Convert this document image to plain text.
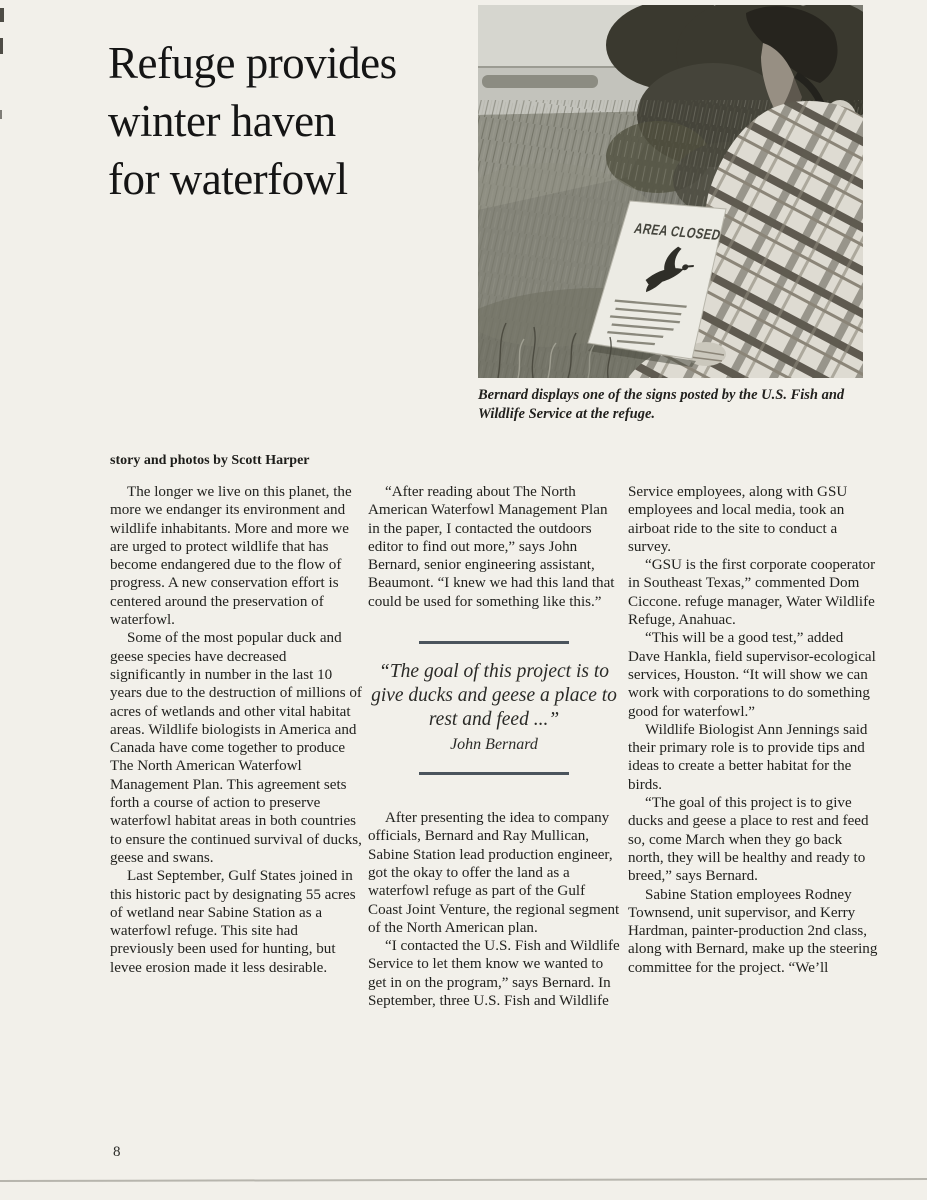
Refuge provides
winter haven
for waterfowl
AREA CLOSED
Bernard displays one of the signs posted by the U.S. Fish and Wildlife Service at the refuge.
story and photos by Scott Harper

The longer we live on this planet, the more we endanger its environment and wildlife inhabitants. More and more we are urged to protect wildlife that has become endangered due to the flow of progress. A new conservation effort is centered around the preservation of waterfowl.

Some of the most popular duck and geese species have decreased significantly in number in the last 10 years due to the destruction of millions of acres of wetlands and other vital habitat areas. Wildlife biologists in America and Canada have come together to produce The North American Waterfowl Management Plan. This agreement sets forth a course of action to preserve waterfowl habitat areas in both countries to ensure the continued survival of ducks, geese and swans.

Last September, Gulf States joined in this historic pact by designating 55 acres of wetland near Sabine Station as a waterfowl refuge. This site had previously been used for hunting, but levee erosion made it less desirable.

“After reading about The North American Waterfowl Management Plan in the paper, I contacted the outdoors editor to find out more,” says John Bernard, senior engineering assistant, Beaumont. “I knew we had this land that could be used for something like this.”

“The goal of this project is to give ducks and geese a place to rest and feed ...”
John Bernard

After presenting the idea to company officials, Bernard and Ray Mullican, Sabine Station lead production engineer, got the okay to offer the land as a waterfowl refuge as part of the Gulf Coast Joint Venture, the regional segment of the North American plan.

“I contacted the U.S. Fish and Wildlife Service to let them know we wanted to get in on the program,” says Bernard. In September, three U.S. Fish and Wildlife

Service employees, along with GSU employees and local media, took an airboat ride to the site to conduct a survey.

“GSU is the first corporate cooperator in Southeast Texas,” commented Dom Ciccone. refuge manager, Water Wildlife Refuge, Anahuac.

“This will be a good test,” added Dave Hankla, field supervisor-ecological services, Houston. “It will show we can work with corporations to do something good for waterfowl.”

Wildlife Biologist Ann Jennings said their primary role is to provide tips and ideas to create a better habitat for the birds.

“The goal of this project is to give ducks and geese a place to rest and feed so, come March when they go back north, they will be healthy and ready to breed,” says Bernard.

Sabine Station employees Rodney Townsend, unit supervisor, and Kerry Hardman, painter-production 2nd class, along with Bernard, make up the steering committee for the project. “We’ll

8
